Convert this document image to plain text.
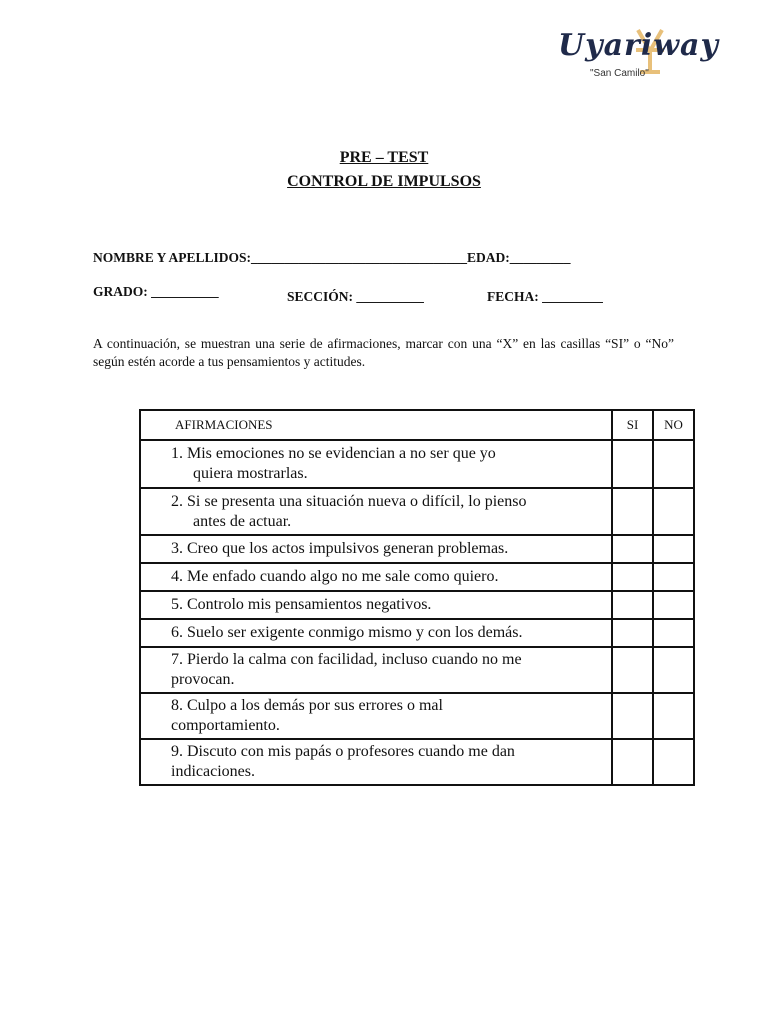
Uyariway
"San Camilo"
PRE – TEST
CONTROL DE IMPULSOS
NOMBRE Y APELLIDOS:________________________________EDAD:_________
GRADO: __________	SECCIÓN: __________	FECHA: _________
A continuación, se muestran una serie de afirmaciones, marcar con una “X” en las casillas “SI” o “No” según estén acorde a tus pensamientos y actitudes.
AFIRMACIONES	SI	NO
1. Mis emociones no se evidencian a no ser que yo
quiera mostrarlas.		
2. Si se presenta una situación nueva o difícil, lo pienso
antes de actuar.		
3. Creo que los actos impulsivos generan problemas.		
4. Me enfado cuando algo no me sale como quiero.		
5. Controlo mis pensamientos negativos.		
6. Suelo ser exigente conmigo mismo y con los demás.		
7. Pierdo la calma con facilidad, incluso cuando no me
provocan.		
8. Culpo a los demás por sus errores o mal
comportamiento.		
9. Discuto con mis papás o profesores cuando me dan
indicaciones.		
